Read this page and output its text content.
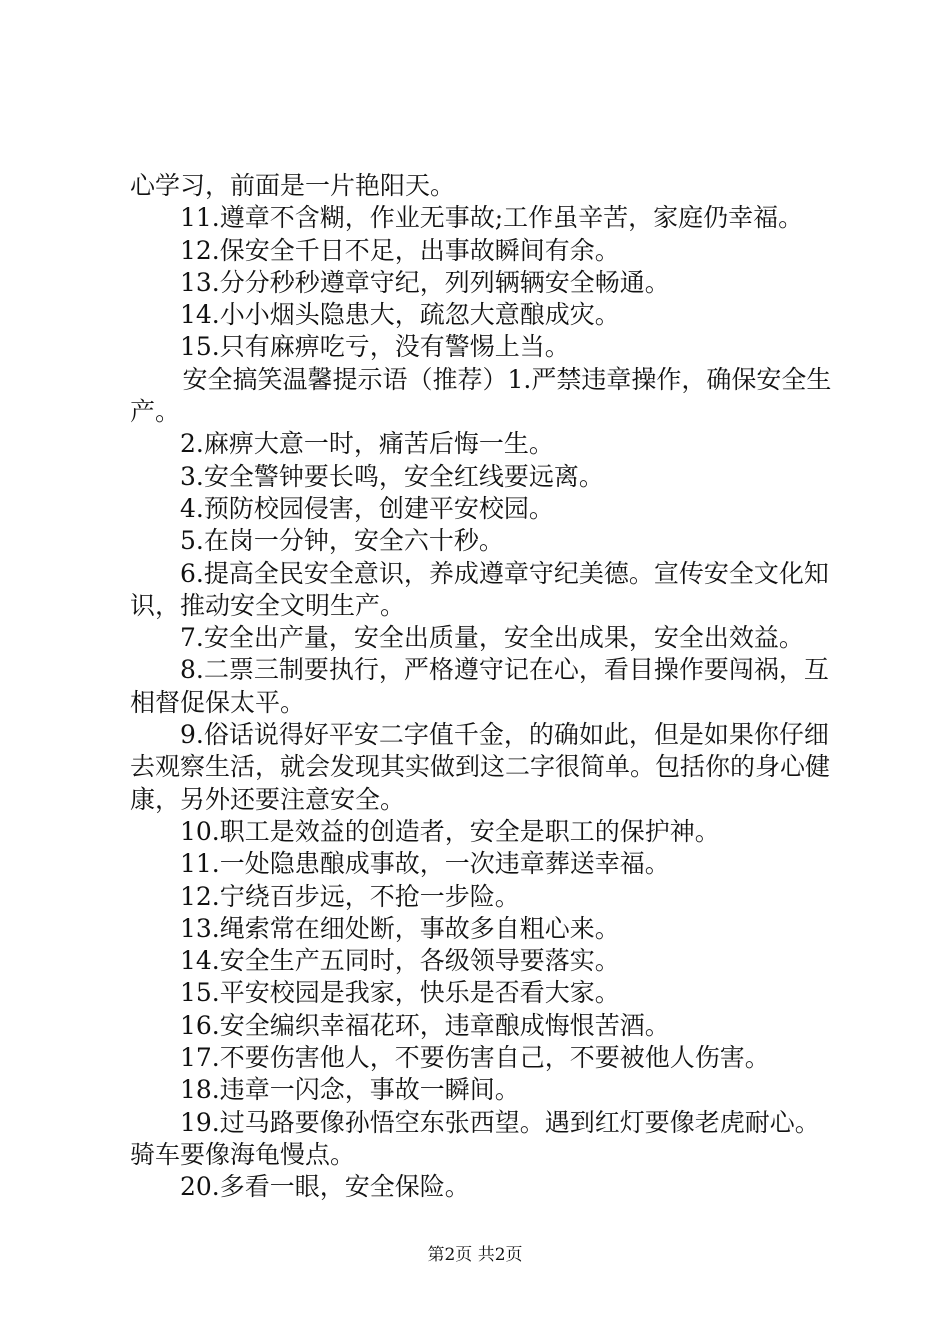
心学习，前面是一片艳阳天。

11.遵章不含糊，作业无事故;工作虽辛苦，家庭仍幸福。

12.保安全千日不足，出事故瞬间有余。

13.分分秒秒遵章守纪，列列辆辆安全畅通。

14.小小烟头隐患大，疏忽大意酿成灾。

15.只有麻痹吃亏，没有警惕上当。

安全搞笑温馨提示语（推荐）1.严禁违章操作，确保安全生产。

2.麻痹大意一时，痛苦后悔一生。

3.安全警钟要长鸣，安全红线要远离。

4.预防校园侵害，创建平安校园。

5.在岗一分钟，安全六十秒。

6.提高全民安全意识，养成遵章守纪美德。宣传安全文化知识，推动安全文明生产。

7.安全出产量，安全出质量，安全出成果，安全出效益。

8.二票三制要执行，严格遵守记在心，看目操作要闯祸，互相督促保太平。

9.俗话说得好平安二字值千金，的确如此，但是如果你仔细去观察生活，就会发现其实做到这二字很简单。包括你的身心健康，另外还要注意安全。

10.职工是效益的创造者，安全是职工的保护神。

11.一处隐患酿成事故，一次违章葬送幸福。

12.宁绕百步远，不抢一步险。

13.绳索常在细处断，事故多自粗心来。

14.安全生产五同时，各级领导要落实。

15.平安校园是我家，快乐是否看大家。

16.安全编织幸福花环，违章酿成悔恨苦酒。

17.不要伤害他人，不要伤害自己，不要被他人伤害。

18.违章一闪念，事故一瞬间。

19.过马路要像孙悟空东张西望。遇到红灯要像老虎耐心。骑车要像海龟慢点。

20.多看一眼，安全保险。

第2页 共2页
